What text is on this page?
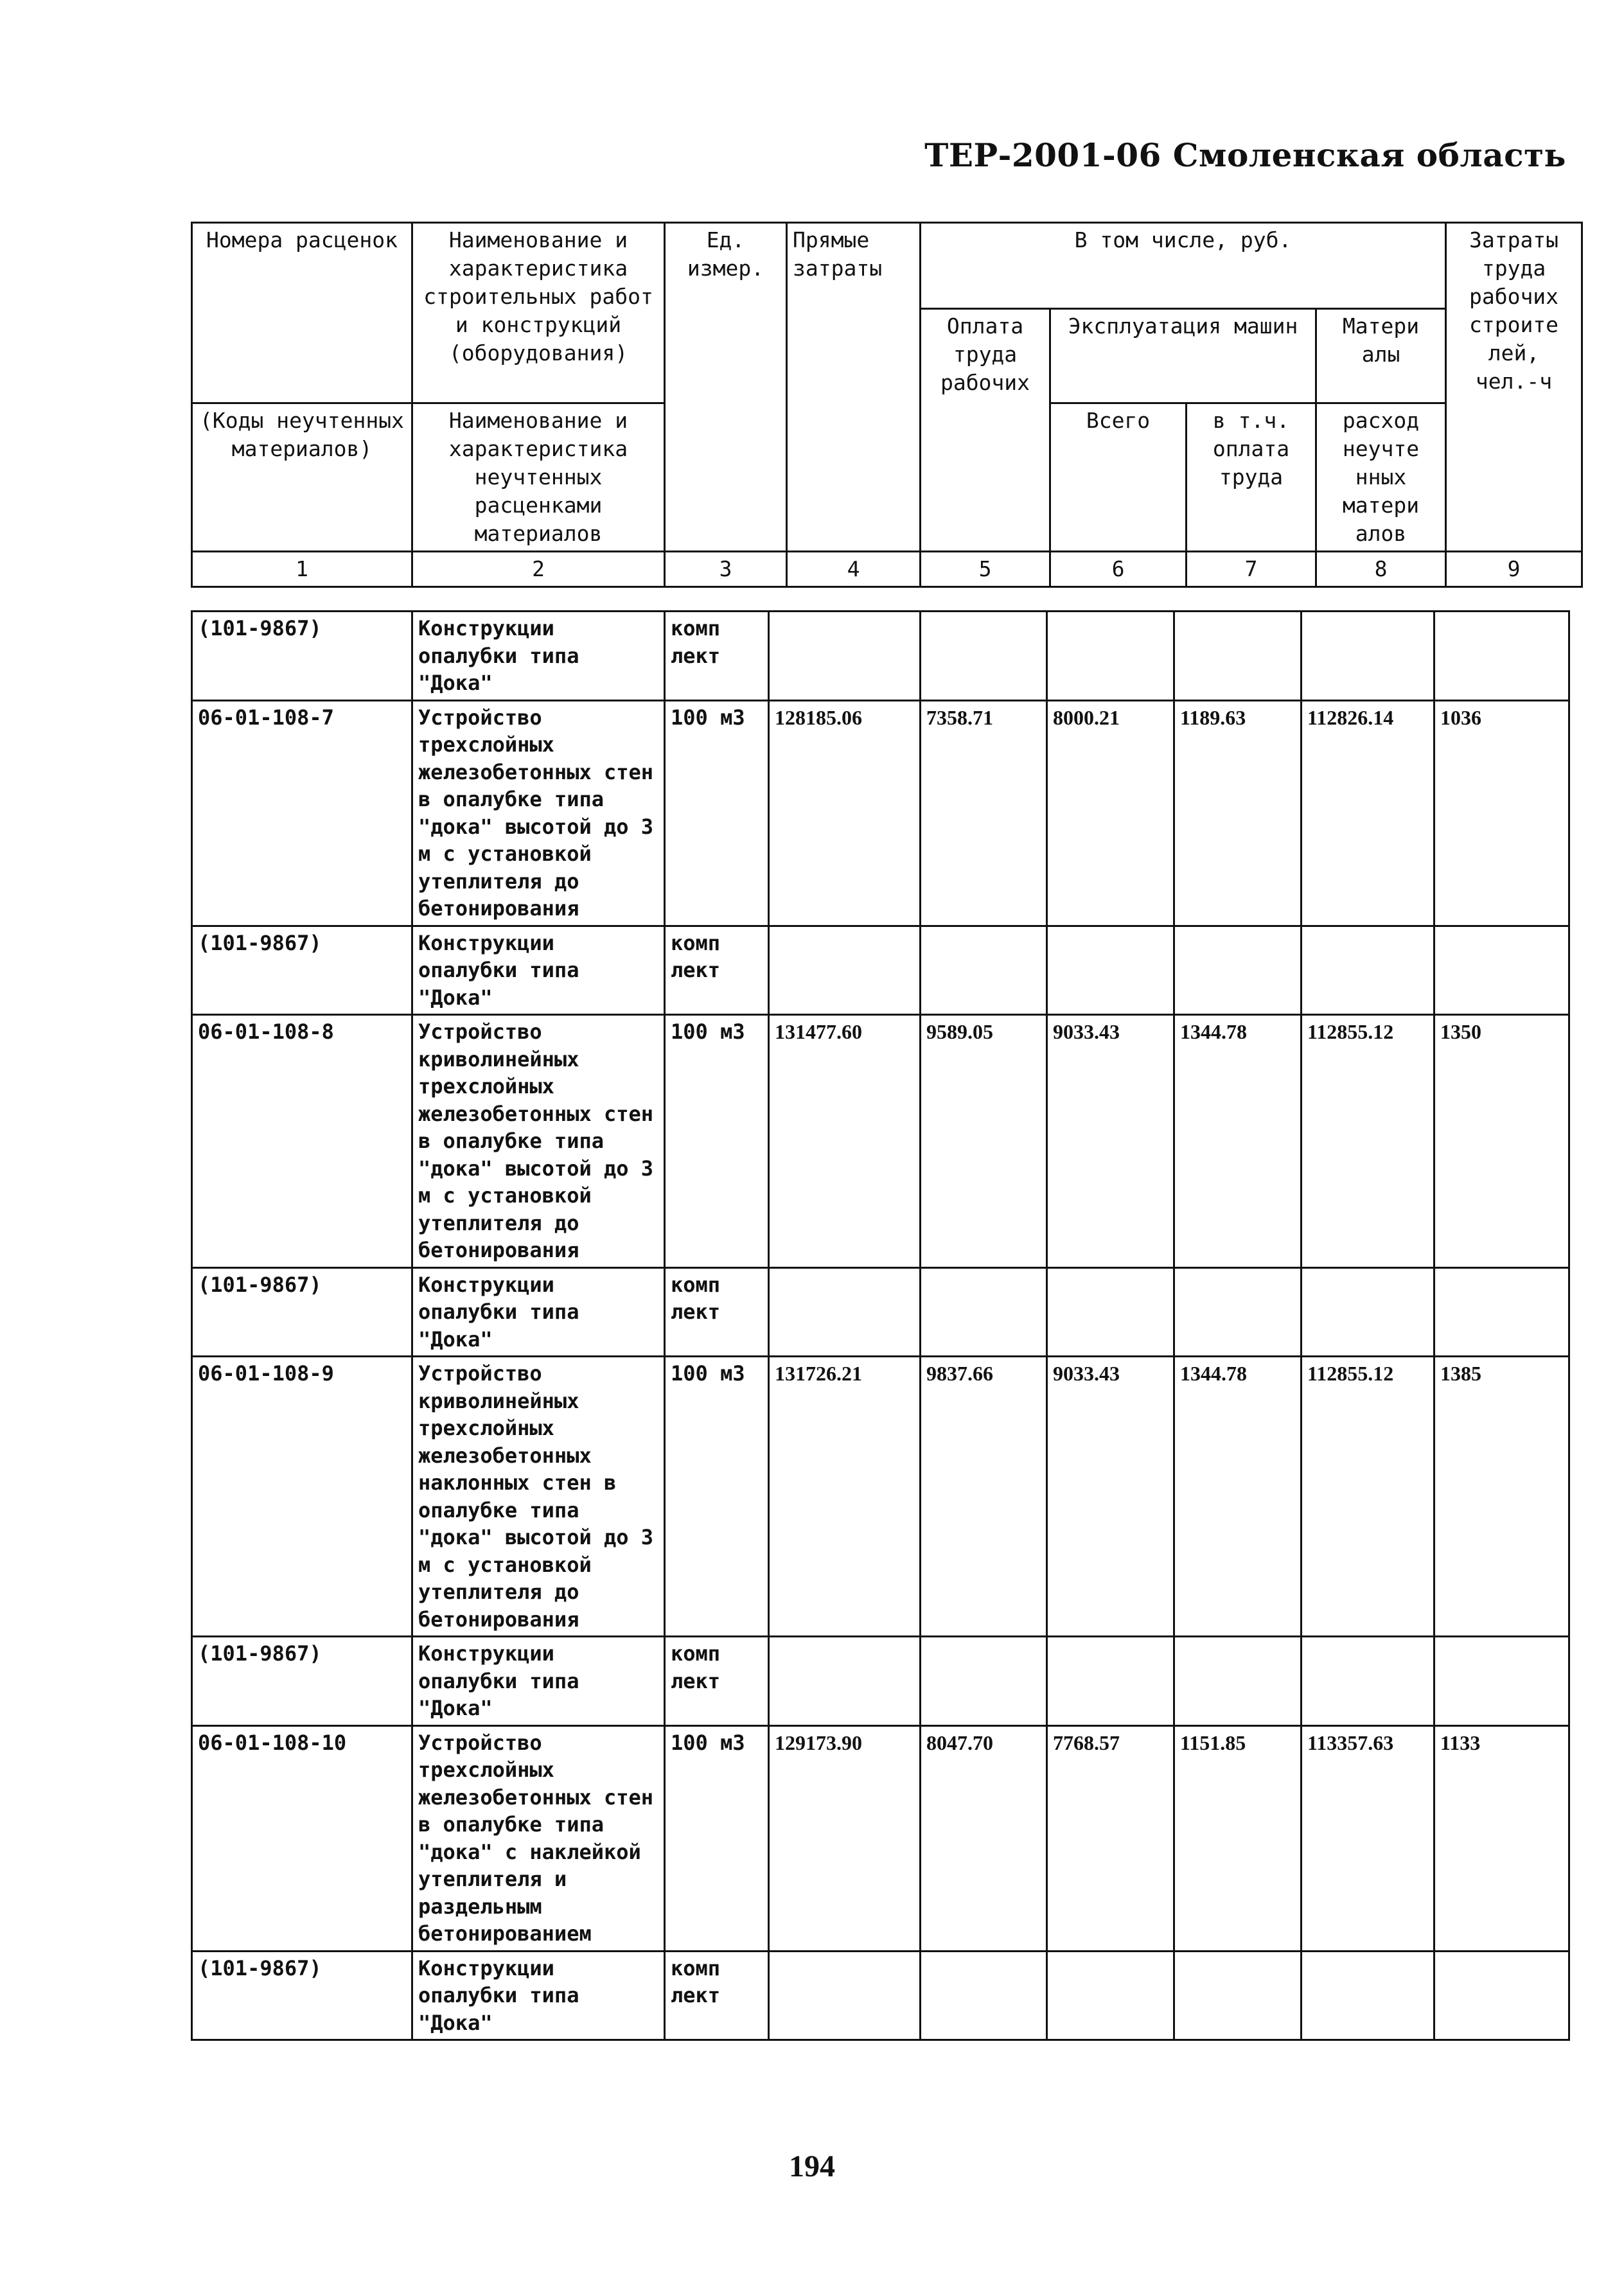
ТЕР-2001-06 Смоленская область
Номера расценок	Наименование и характеристика строительных работ и конструкций (оборудования)	Ед. измер.	Прямые затраты	В том числе, руб.				Затраты труда рабочих строите лей, чел.-ч
				Оплата труда рабочих	Эксплуатация машин		Матери алы	
(Коды неучтенных материалов)	Наименование и характеристика неучтенных расценками материалов				Всего	в т.ч. оплата труда	расход неучте нных матери алов	
1	2	3	4	5	6	7	8	9
(101-9867)	Конструкции опалубки типа "Дока"	комп лект						
06-01-108-7	Устройство трехслойных железобетонных стен в опалубке типа "дока" высотой до 3 м с установкой утеплителя до бетонирования	100 м3	128185.06	7358.71	8000.21	1189.63	112826.14	1036
(101-9867)	Конструкции опалубки типа "Дока"	комп лект						
06-01-108-8	Устройство криволинейных трехслойных железобетонных стен в опалубке типа "дока" высотой до 3 м с установкой утеплителя до бетонирования	100 м3	131477.60	9589.05	9033.43	1344.78	112855.12	1350
(101-9867)	Конструкции опалубки типа "Дока"	комп лект						
06-01-108-9	Устройство криволинейных трехслойных железобетонных наклонных стен в опалубке типа "дока" высотой до 3 м с установкой утеплителя до бетонирования	100 м3	131726.21	9837.66	9033.43	1344.78	112855.12	1385
(101-9867)	Конструкции опалубки типа "Дока"	комп лект						
06-01-108-10	Устройство трехслойных железобетонных стен в опалубке типа "дока" с наклейкой утеплителя и раздельным бетонированием	100 м3	129173.90	8047.70	7768.57	1151.85	113357.63	1133
(101-9867)	Конструкции опалубки типа "Дока"	комп лект						
194
